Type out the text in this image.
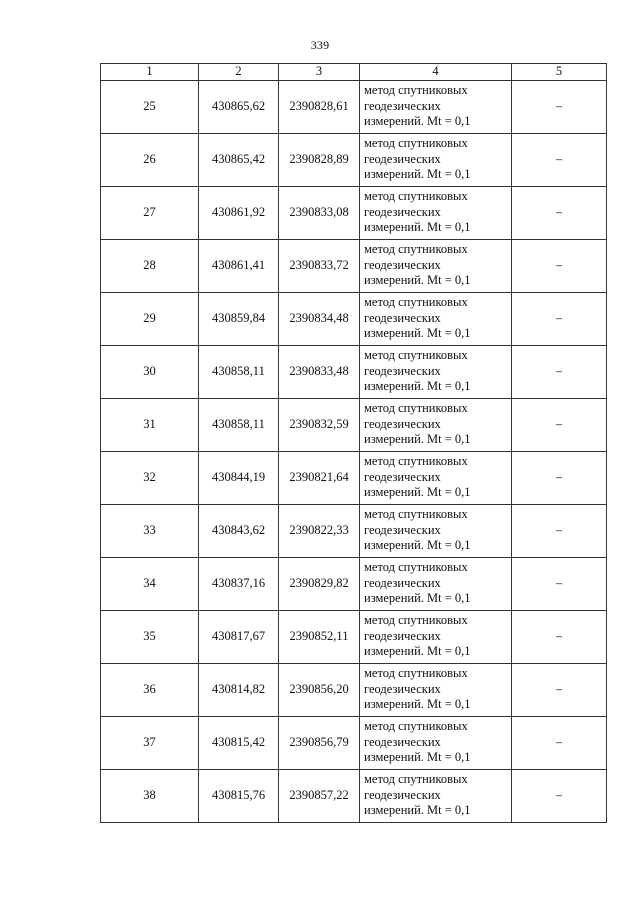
339
1	2	3	4	5
25	430865,62	2390828,61	метод спутниковых
геодезических
измерений. Mt = 0,1	–
26	430865,42	2390828,89	метод спутниковых
геодезических
измерений. Mt = 0,1	–
27	430861,92	2390833,08	метод спутниковых
геодезических
измерений. Mt = 0,1	–
28	430861,41	2390833,72	метод спутниковых
геодезических
измерений. Mt = 0,1	–
29	430859,84	2390834,48	метод спутниковых
геодезических
измерений. Mt = 0,1	–
30	430858,11	2390833,48	метод спутниковых
геодезических
измерений. Mt = 0,1	–
31	430858,11	2390832,59	метод спутниковых
геодезических
измерений. Mt = 0,1	–
32	430844,19	2390821,64	метод спутниковых
геодезических
измерений. Mt = 0,1	–
33	430843,62	2390822,33	метод спутниковых
геодезических
измерений. Mt = 0,1	–
34	430837,16	2390829,82	метод спутниковых
геодезических
измерений. Mt = 0,1	–
35	430817,67	2390852,11	метод спутниковых
геодезических
измерений. Mt = 0,1	–
36	430814,82	2390856,20	метод спутниковых
геодезических
измерений. Mt = 0,1	–
37	430815,42	2390856,79	метод спутниковых
геодезических
измерений. Mt = 0,1	–
38	430815,76	2390857,22	метод спутниковых
геодезических
измерений. Mt = 0,1	–
